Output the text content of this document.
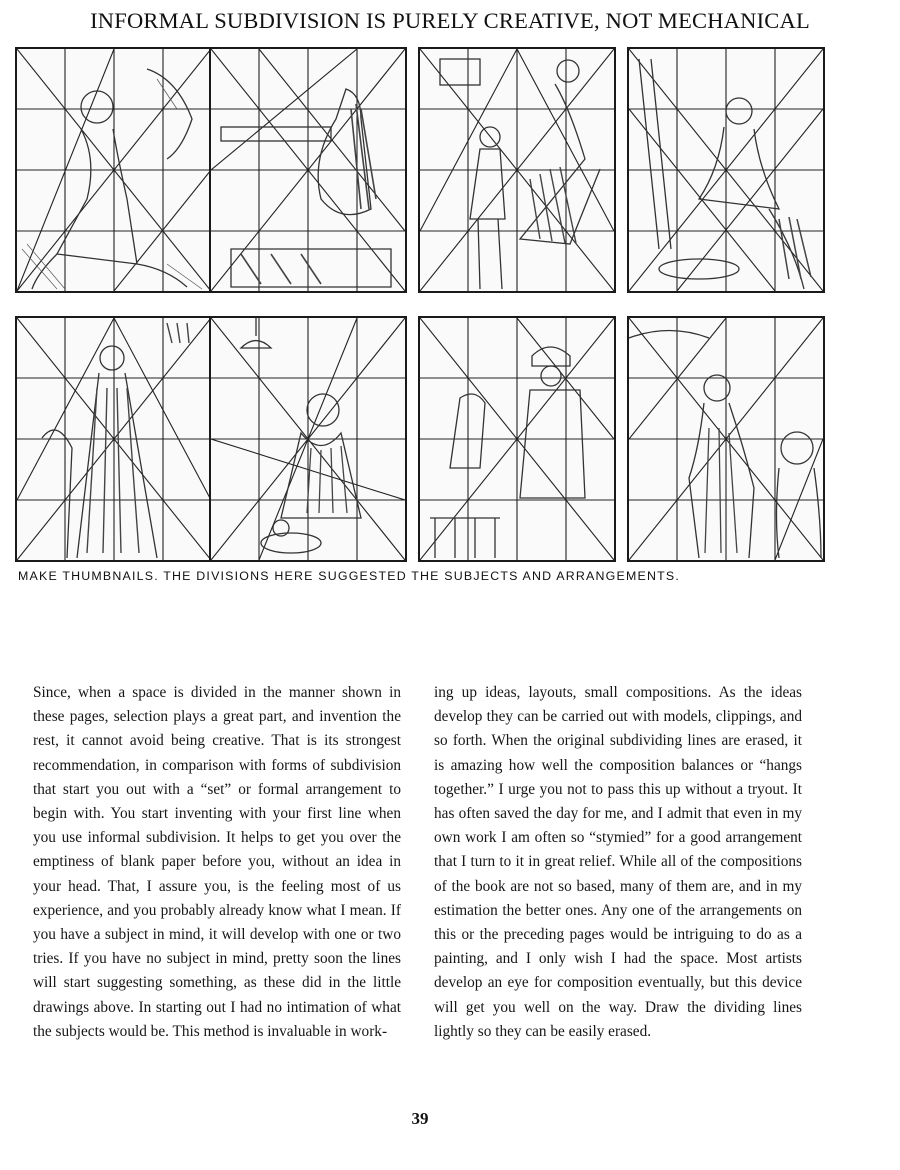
INFORMAL SUBDIVISION IS PURELY CREATIVE, NOT MECHANICAL
MAKE THUMBNAILS. THE DIVISIONS HERE SUGGESTED THE SUBJECTS AND ARRANGEMENTS.
Since, when a space is divided in the manner shown in these pages, selection plays a great part, and invention the rest, it cannot avoid being creative. That is its strongest recommendation, in comparison with forms of subdivision that start you out with a “set” or formal arrangement to begin with. You start inventing with your first line when you use informal subdivision. It helps to get you over the emptiness of blank paper before you, without an idea in your head. That, I assure you, is the feeling most of us experience, and you probably already know what I mean. If you have a subject in mind, it will develop with one or two tries. If you have no subject in mind, pretty soon the lines will start suggesting something, as these did in the little drawings above. In starting out I had no intimation of what the subjects would be. This method is invaluable in work-
ing up ideas, layouts, small compositions. As the ideas develop they can be carried out with models, clippings, and so forth. When the original subdividing lines are erased, it is amazing how well the composition balances or “hangs together.” I urge you not to pass this up without a tryout. It has often saved the day for me, and I admit that even in my own work I am often so “stymied” for a good arrangement that I turn to it in great relief. While all of the compositions of the book are not so based, many of them are, and in my estimation the better ones. Any one of the arrangements on this or the preceding pages would be intriguing to do as a painting, and I only wish I had the space. Most artists develop an eye for composition eventually, but this device will get you well on the way. Draw the dividing lines lightly so they can be easily erased.
39
